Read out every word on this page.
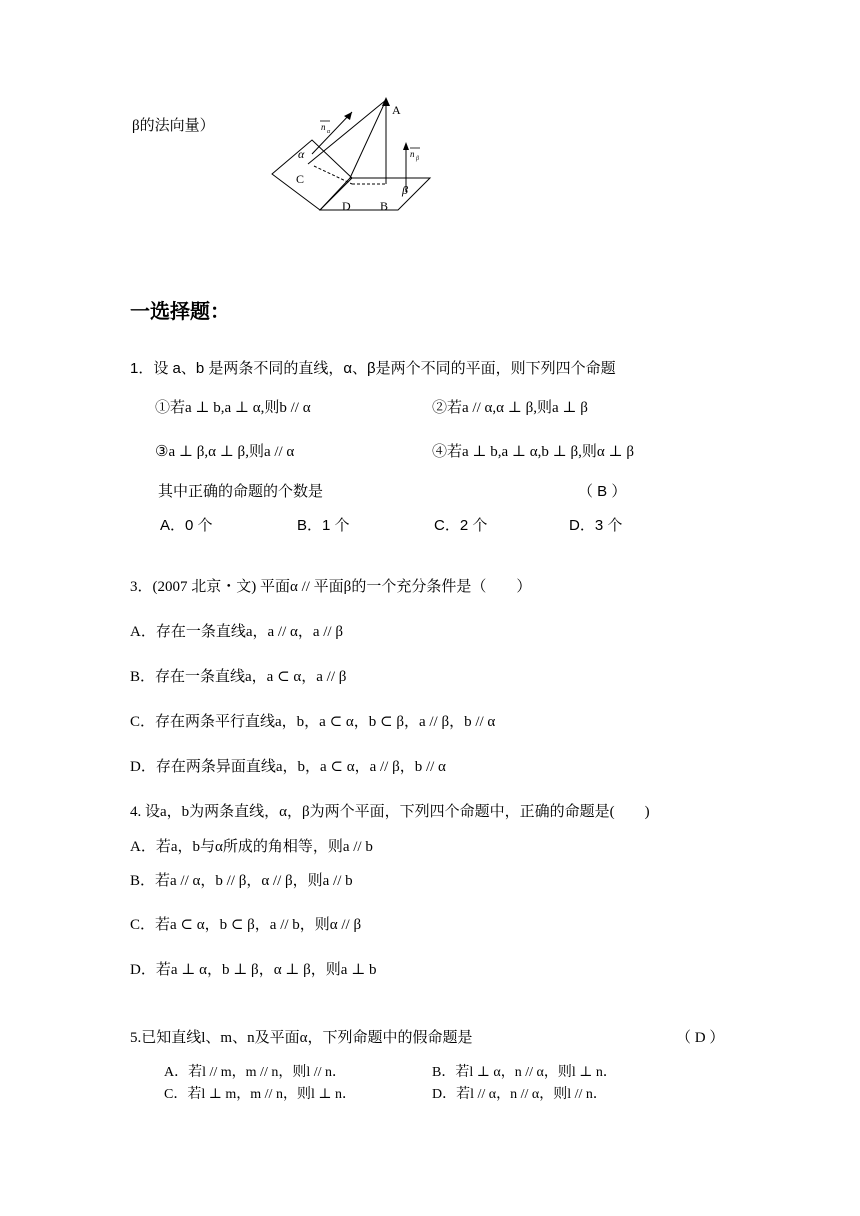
β的法向量）
A
C
D B
α
β
n α
n β
一选择题：
1．设 a、b 是两条不同的直线，α、β是两个不同的平面，则下列四个命题
①若a ⊥ b,a ⊥ α,则b // α	②若a // α,α ⊥ β,则a ⊥ β
③a ⊥ β,α ⊥ β,则a // α	④若a ⊥ b,a ⊥ α,b ⊥ β,则α ⊥ β
其中正确的命题的个数是	（ B ）
A．0 个	B．1 个	C．2 个	D．3 个
3．(2007 北京・文) 平面α // 平面β的一个充分条件是（　　）
A．存在一条直线a，a // α，a // β
B．存在一条直线a，a ⊂ α，a // β
C．存在两条平行直线a，b，a ⊂ α，b ⊂ β，a // β，b // α
D．存在两条异面直线a，b，a ⊂ α，a // β，b // α
4. 设a，b为两条直线，α，β为两个平面，下列四个命题中，正确的命题是(　　)
A．若a，b与α所成的角相等，则a // b
B．若a // α，b // β，α // β，则a // b
C．若a ⊂ α，b ⊂ β，a // b，则α // β
D．若a ⊥ α，b ⊥ β，α ⊥ β，则a ⊥ b
5.已知直线l、m、n及平面α，下列命题中的假命题是	（ D ）
A．若l // m，m // n，则l // n．	B．若l ⊥ α，n // α，则l ⊥ n．
C．若l ⊥ m，m // n，则l ⊥ n．	D．若l // α，n // α，则l // n．
